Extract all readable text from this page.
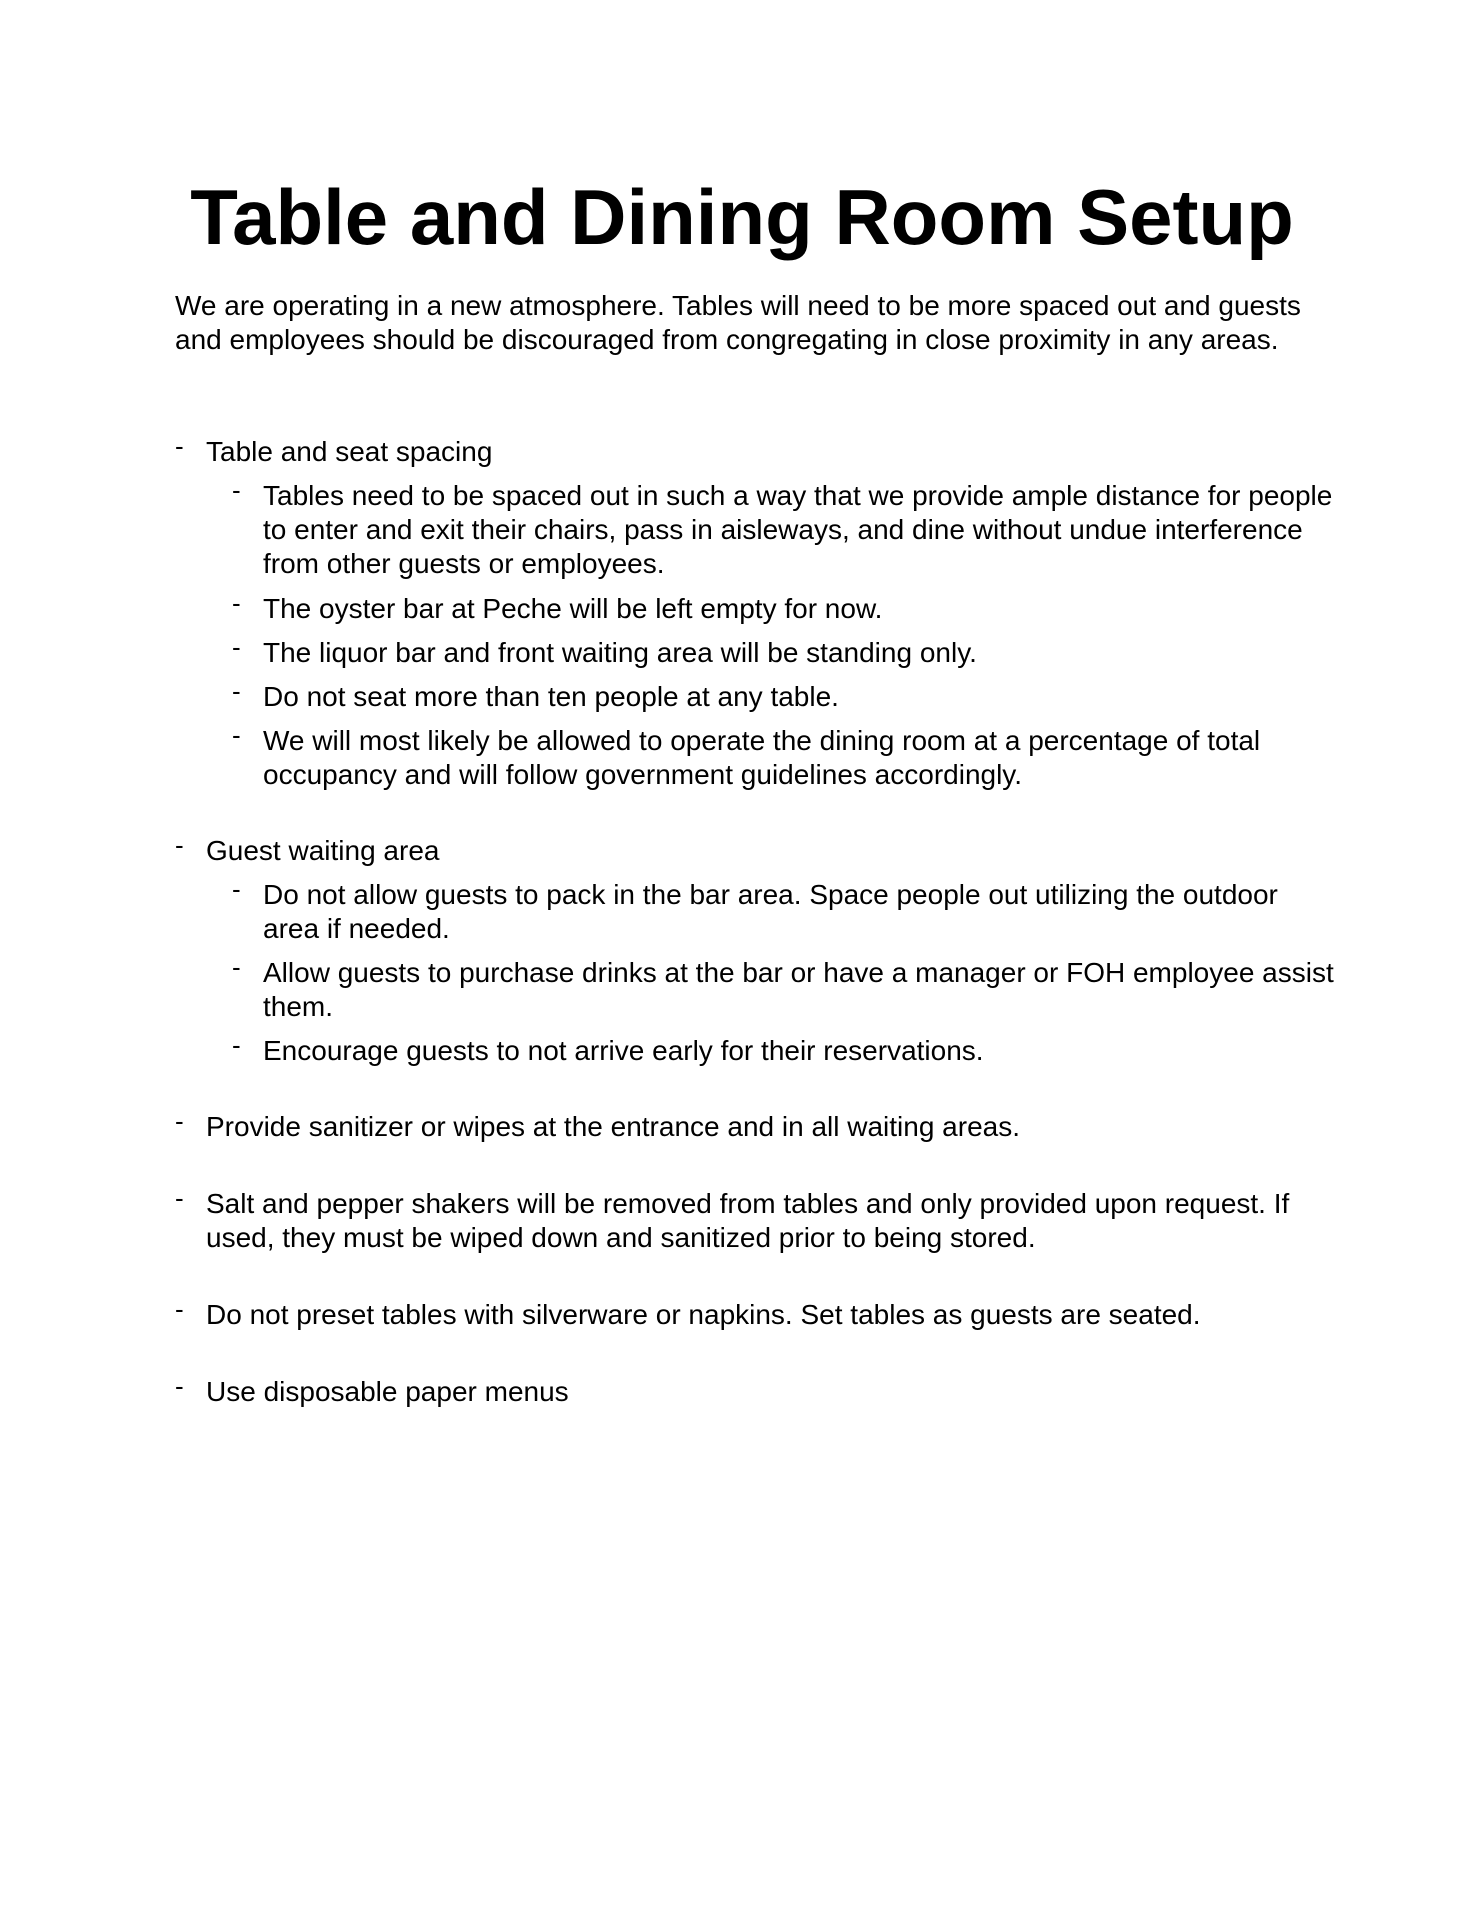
Table and Dining Room Setup

We are operating in a new atmosphere. Tables will need to be more spaced out and guests and employees should be discouraged from congregating in close proximity in any areas.

- Table and seat spacing
- Tables need to be spaced out in such a way that we provide ample distance for people to enter and exit their chairs, pass in aisleways, and dine without undue interference from other guests or employees.
- The oyster bar at Peche will be left empty for now.
- The liquor bar and front waiting area will be standing only.
- Do not seat more than ten people at any table.
- We will most likely be allowed to operate the dining room at a percentage of total occupancy and will follow government guidelines accordingly.
- Guest waiting area
- Do not allow guests to pack in the bar area. Space people out utilizing the outdoor area if needed.
- Allow guests to purchase drinks at the bar or have a manager or FOH employee assist them.
- Encourage guests to not arrive early for their reservations.
- Provide sanitizer or wipes at the entrance and in all waiting areas.
- Salt and pepper shakers will be removed from tables and only provided upon request. If used, they must be wiped down and sanitized prior to being stored.
- Do not preset tables with silverware or napkins. Set tables as guests are seated.
- Use disposable paper menus
